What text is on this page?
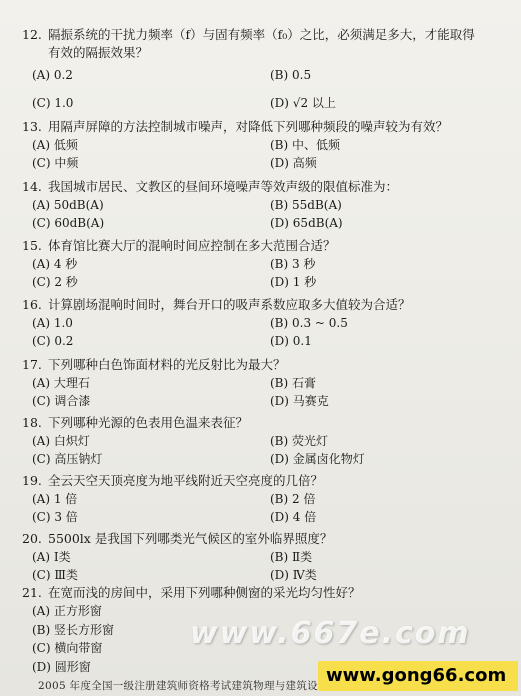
12. 隔振系统的干扰力频率（f）与固有频率（f₀）之比，必须满足多大，才能取得
有效的隔振效果？
(A) 0.2	(B) 0.5
(C) 1.0	(D) √2 以上
13. 用隔声屏障的方法控制城市噪声，对降低下列哪种频段的噪声较为有效？
(A) 低频	(B) 中、低频
(C) 中频	(D) 高频
14. 我国城市居民、文教区的昼间环境噪声等效声级的限值标准为：
(A) 50dB(A)	(B) 55dB(A)
(C) 60dB(A)	(D) 65dB(A)
15. 体育馆比赛大厅的混响时间应控制在多大范围合适？
(A) 4 秒	(B) 3 秒
(C) 2 秒	(D) 1 秒
16. 计算剧场混响时间时，舞台开口的吸声系数应取多大值较为合适？
(A) 1.0	(B) 0.3 ~ 0.5
(C) 0.2	(D) 0.1
17. 下列哪种白色饰面材料的光反射比为最大？
(A) 大理石	(B) 石膏
(C) 调合漆	(D) 马赛克
18. 下列哪种光源的色表用色温来表征？
(A) 白炽灯	(B) 荧光灯
(C) 高压钠灯	(D) 金属卤化物灯
19. 全云天空天顶亮度为地平线附近天空亮度的几倍？
(A) 1 倍	(B) 2 倍
(C) 3 倍	(D) 4 倍
20. 5500lx 是我国下列哪类光气候区的室外临界照度？
(A) Ⅰ类	(B) Ⅱ类
(C) Ⅲ类	(D) Ⅳ类
21. 在宽而浅的房间中，采用下列哪种侧窗的采光均匀性好？
(A) 正方形窗
(B) 竖长方形窗
(C) 横向带窗
(D) 圆形窗
www.667e.com
2005 年度全国一级注册建筑师资格考试建筑物理与建筑设 www.gong66.com
